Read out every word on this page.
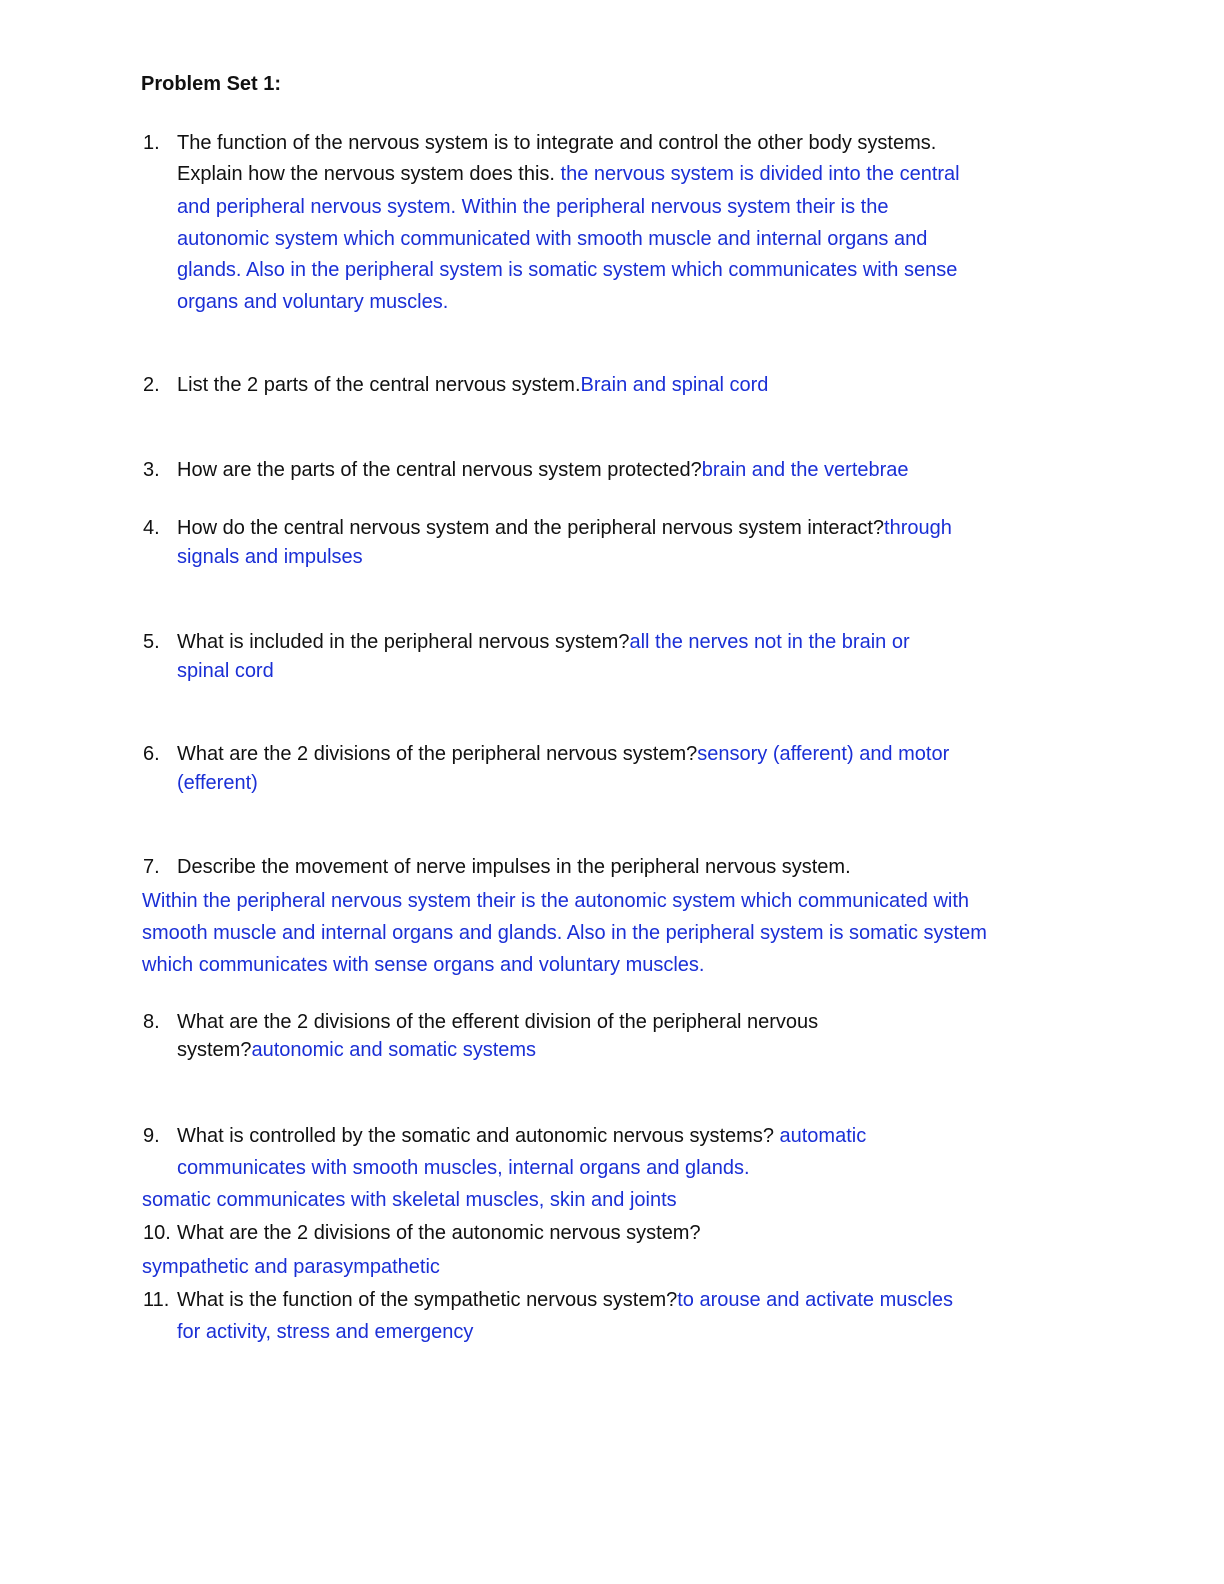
Problem Set 1:
1. The function of the nervous system is to integrate and control the other body systems.
Explain how the nervous system does this. the nervous system is divided into the central
and peripheral nervous system. Within the peripheral nervous system their is the
autonomic system which communicated with smooth muscle and internal organs and
glands. Also in the peripheral system is somatic system which communicates with sense
organs and voluntary muscles.
2. List the 2 parts of the central nervous system.Brain and spinal cord
3. How are the parts of the central nervous system protected?brain and the vertebrae
4. How do the central nervous system and the peripheral nervous system interact?through
signals and impulses
5. What is included in the peripheral nervous system?all the nerves not in the brain or
spinal cord
6. What are the 2 divisions of the peripheral nervous system?sensory (afferent) and motor
(efferent)
7. Describe the movement of nerve impulses in the peripheral nervous system.
Within the peripheral nervous system their is the autonomic system which communicated with
smooth muscle and internal organs and glands. Also in the peripheral system is somatic system
which communicates with sense organs and voluntary muscles.
8. What are the 2 divisions of the efferent division of the peripheral nervous
system?autonomic and somatic systems
9. What is controlled by the somatic and autonomic nervous systems? automatic
communicates with smooth muscles, internal organs and glands.
somatic communicates with skeletal muscles, skin and joints
10. What are the 2 divisions of the autonomic nervous system?
sympathetic and parasympathetic
11. What is the function of the sympathetic nervous system?to arouse and activate muscles
for activity, stress and emergency
